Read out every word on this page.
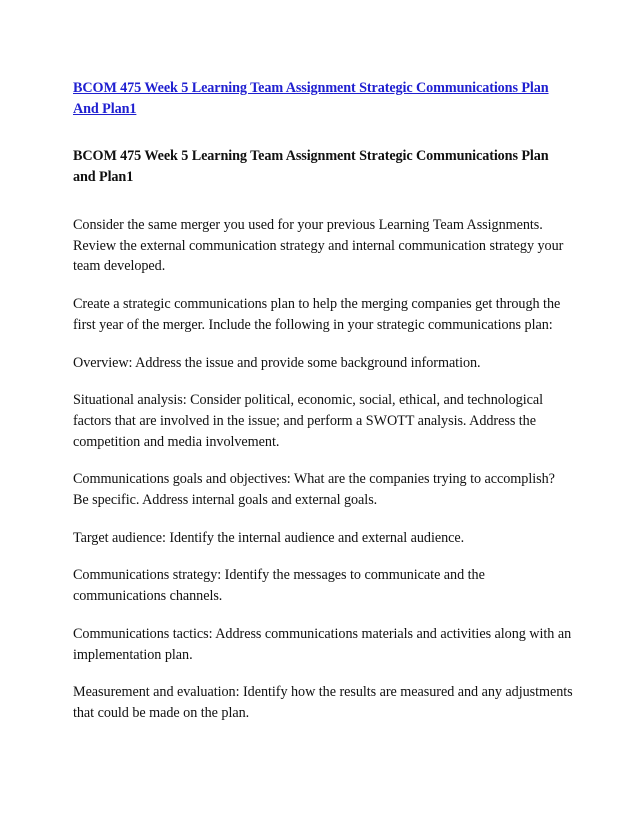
BCOM 475 Week 5 Learning Team Assignment Strategic Communications Plan And Plan1

BCOM 475 Week 5 Learning Team Assignment Strategic Communications Plan and Plan1

Consider the same merger you used for your previous Learning Team Assignments. Review the external communication strategy and internal communication strategy your team developed.

Create a strategic communications plan to help the merging companies get through the first year of the merger. Include the following in your strategic communications plan:

Overview: Address the issue and provide some background information.

Situational analysis: Consider political, economic, social, ethical, and technological factors that are involved in the issue; and perform a SWOTT analysis. Address the competition and media involvement.

Communications goals and objectives: What are the companies trying to accomplish? Be specific. Address internal goals and external goals.

Target audience: Identify the internal audience and external audience.

Communications strategy: Identify the messages to communicate and the communications channels.

Communications tactics: Address communications materials and activities along with an implementation plan.

Measurement and evaluation: Identify how the results are measured and any adjustments that could be made on the plan.
